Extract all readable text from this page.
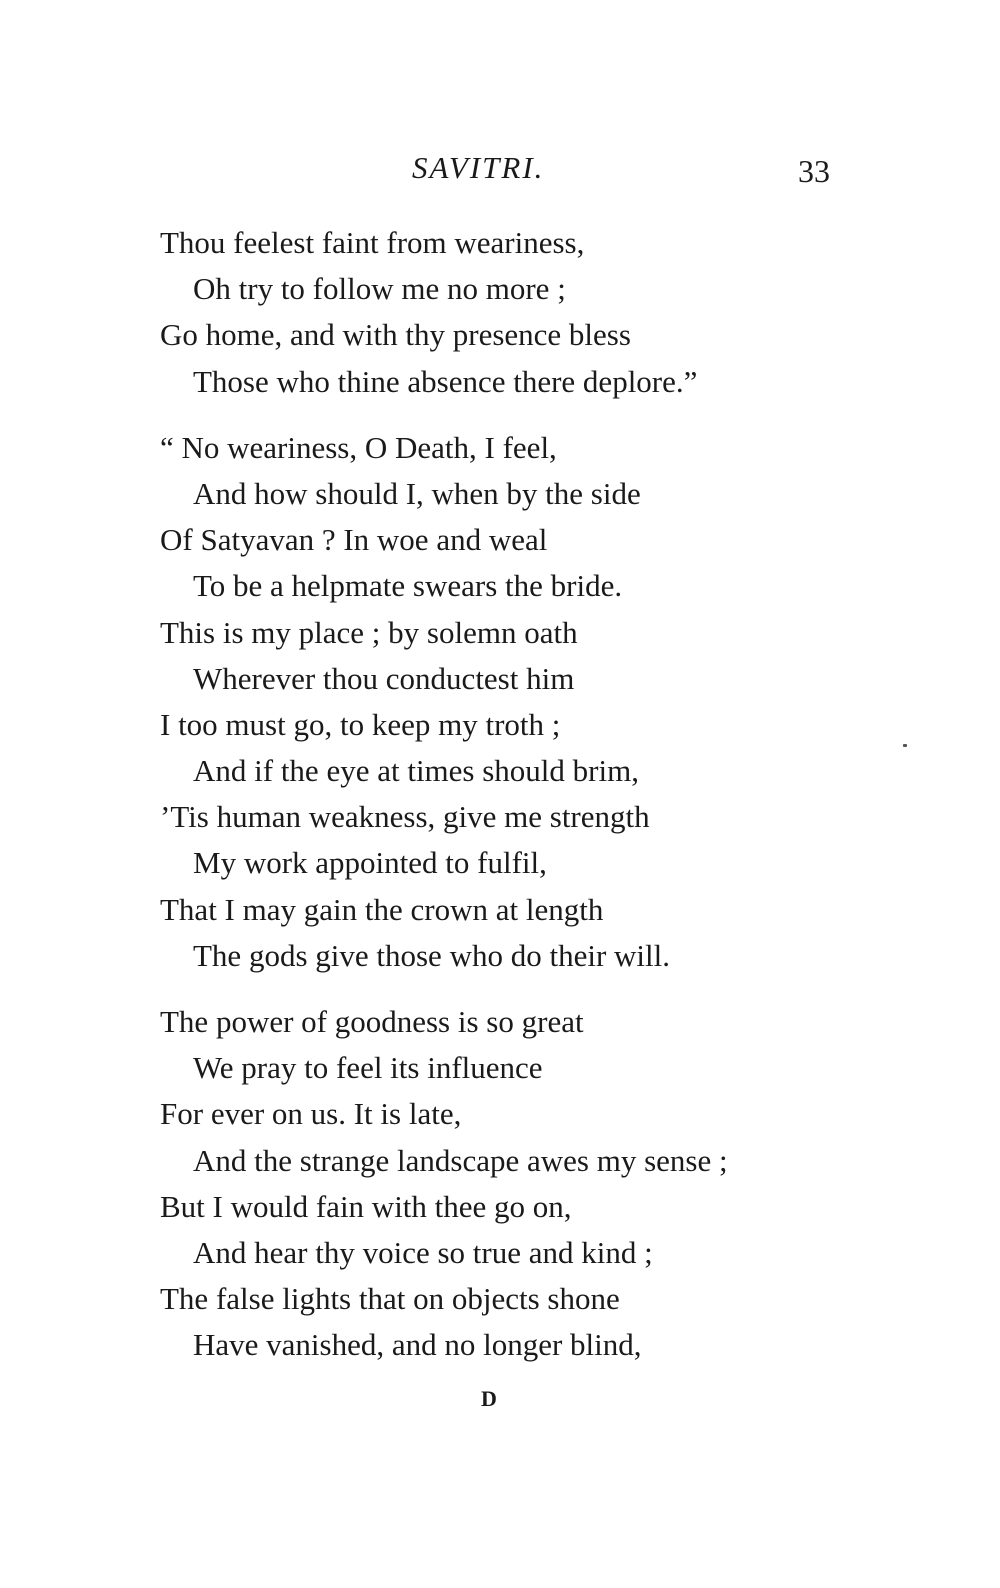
SAVITRI.	33
Thou feelest faint from weariness,
Oh try to follow me no more ;
Go home, and with thy presence bless
Those who thine absence there deplore.”
“ No weariness, O Death, I feel,
And how should I, when by the side
Of Satyavan ? In woe and weal
To be a helpmate swears the bride.
This is my place ; by solemn oath
Wherever thou conductest him
I too must go, to keep my troth ;
And if the eye at times should brim,
’Tis human weakness, give me strength
My work appointed to fulfil,
That I may gain the crown at length
The gods give those who do their will.
The power of goodness is so great
We pray to feel its influence
For ever on us. It is late,
And the strange landscape awes my sense ;
But I would fain with thee go on,
And hear thy voice so true and kind ;
The false lights that on objects shone
Have vanished, and no longer blind,
D
